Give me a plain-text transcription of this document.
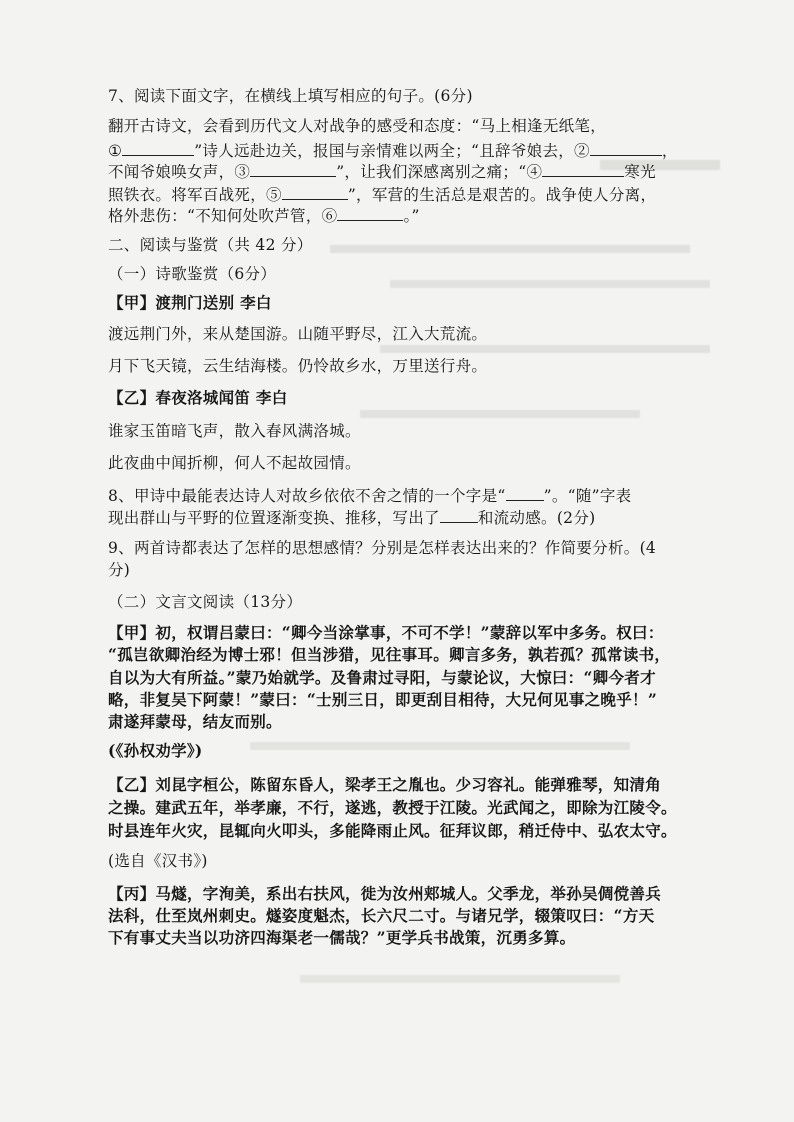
7、阅读下面文字，在横线上填写相应的句子。(6分)
翻开古诗文，会看到历代文人对战争的感受和态度：“马上相逢无纸笔，
①	”诗人远赴边关，报国与亲情难以两全；“且辞爷娘去，②	，
不闻爷娘唤女声，③	”，让我们深感离别之痛；“④	寒光
照铁衣。将军百战死，⑤	”，军营的生活总是艰苦的。战争使人分离，
格外悲伤：“不知何处吹芦管，⑥	。”
二、阅读与鉴赏（共 42 分）
（一）诗歌鉴赏（6分）
【甲】渡荆门送别 李白
渡远荆门外，来从楚国游。山随平野尽，江入大荒流。
月下飞天镜，云生结海楼。仍怜故乡水，万里送行舟。
【乙】春夜洛城闻笛 李白
谁家玉笛暗飞声，散入春风满洛城。
此夜曲中闻折柳，何人不起故园情。
8、甲诗中最能表达诗人对故乡依依不舍之情的一个字是“ ”。“随”字表
现出群山与平野的位置逐渐变换、推移，写出了 和流动感。(2分)
9、两首诗都表达了怎样的思想感情？分别是怎样表达出来的？作简要分析。(4
分)
（二）文言文阅读（13分）
【甲】初，权谓吕蒙曰：“卿今当涂掌事，不可不学！”蒙辞以军中多务。权曰：
“孤岂欲卿治经为博士邪！但当涉猎，见往事耳。卿言多务，孰若孤？孤常读书，
自以为大有所益。”蒙乃始就学。及鲁肃过寻阳，与蒙论议，大惊曰：“卿今者才
略，非复吴下阿蒙！”蒙曰：“士别三日，即更刮目相待，大兄何见事之晚乎！”
肃遂拜蒙母，结友而别。
(《孙权劝学》)
【乙】刘昆字桓公，陈留东昏人，梁孝王之胤也。少习容礼。能弹雅琴，知清角
之操。建武五年，举孝廉，不行，遂逃，教授于江陵。光武闻之，即除为江陵令。
时县连年火灾，昆辄向火叩头，多能降雨止风。征拜议郎，稍迁侍中、弘农太守。
(选自《汉书》)
【丙】马燧，字洵美，系出右扶风，徙为汝州郏城人。父季龙，举孙吴倜傥善兵
法科，仕至岚州刺史。燧姿度魁杰，长六尺二寸。与诸兄学，辍策叹曰：“方天
下有事丈夫当以功济四海渠老一儒哉？”更学兵书战策，沉勇多算。
